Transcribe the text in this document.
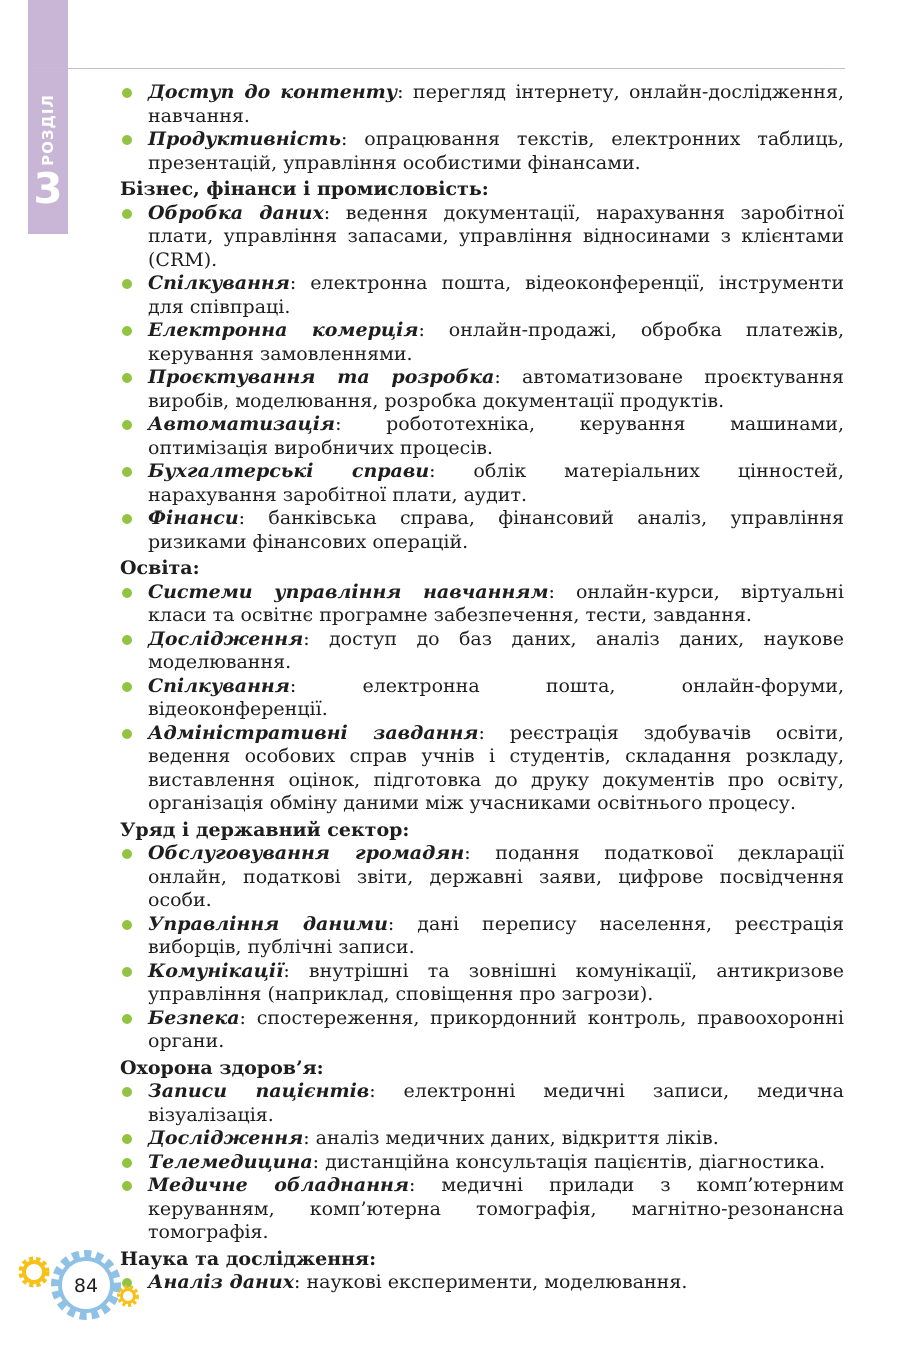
РОЗДІЛ
3
Доступ до контенту: перегляд інтернету, онлайн-дослідження, навчання.
Продуктивність: опрацювання текстів, електронних таблиць, презентацій, управління особистими фінансами.
Бізнес, фінанси і промисловість:
Обробка даних: ведення документації, нарахування заробітної плати, управління запасами, управління відносинами з клієнтами (CRM).
Спілкування: електронна пошта, відеоконференції, інструменти для співпраці.
Електронна комерція: онлайн-продажі, обробка платежів, керування замовленнями.
Проєктування та розробка: автоматизоване проєктування виробів, моделювання, розробка документації продуктів.
Автоматизація: робототехніка, керування машинами, оптимізація виробничих процесів.
Бухгалтерські справи: облік матеріальних цінностей, нарахування заробітної плати, аудит.
Фінанси: банківська справа, фінансовий аналіз, управління ризиками фінансових операцій.
Освіта:
Системи управління навчанням: онлайн-курси, віртуальні класи та освітнє програмне забезпечення, тести, завдання.
Дослідження: доступ до баз даних, аналіз даних, наукове моделювання.
Спілкування: електронна пошта, онлайн-форуми, відеоконференції.
Адміністративні завдання: реєстрація здобувачів освіти, ведення особових справ учнів і студентів, складання розкладу, виставлення оцінок, підготовка до друку документів про освіту, організація обміну даними між учасниками освітнього процесу.
Уряд і державний сектор:
Обслуговування громадян: подання податкової декларації онлайн, податкові звіти, державні заяви, цифрове посвідчення особи.
Управління даними: дані перепису населення, реєстрація виборців, публічні записи.
Комунікації: внутрішні та зовнішні комунікації, антикризове управління (наприклад, сповіщення про загрози).
Безпека: спостереження, прикордонний контроль, правоохоронні органи.
Охорона здоров’я:
Записи пацієнтів: електронні медичні записи, медична візуалізація.
Дослідження: аналіз медичних даних, відкриття ліків.
Телемедицина: дистанційна консультація пацієнтів, діагностика.
Медичне обладнання: медичні прилади з комп’ютерним керуванням, комп’ютерна томографія, магнітно-резонансна томографія.
Наука та дослідження:
Аналіз даних: наукові експерименти, моделювання.
84
